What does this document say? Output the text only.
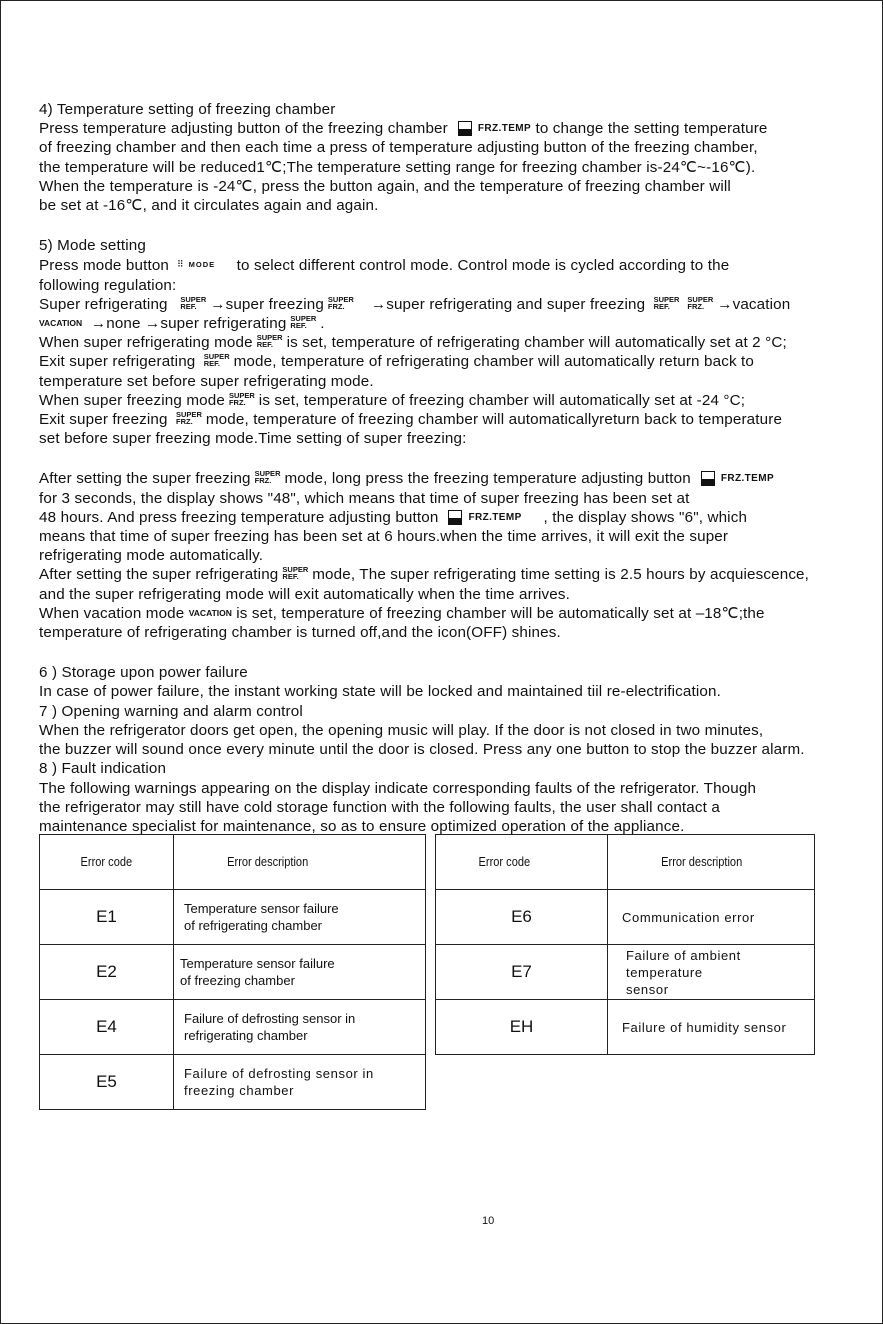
4) Temperature setting of freezing chamber
Press temperature adjusting button of the freezing chamber	FRZ.TEMP to change the setting temperature
of freezing chamber and then each time a press of temperature adjusting button of the freezing chamber,
the temperature will be reduced1℃;The temperature setting range for freezing chamber is-24℃~-16℃).
When the temperature is -24℃, press the button again, and the temperature of freezing chamber will
be set at -16℃, and it circulates again and again.
5) Mode setting
Press mode button ⠿ MODE to select different control mode. Control mode is cycled according to the
following regulation:
Super refrigerating SUPER
REF. →super freezing SUPER
FRZ.	→super refrigerating and super freezing SUPER
REF.
SUPER
FRZ. →vacation
VACATION →none →super refrigerating SUPER
REF. .
When super refrigerating mode SUPER
REF. is set, temperature of refrigerating chamber will automatically set at 2 °C;
Exit super refrigerating SUPER
REF. mode, temperature of refrigerating chamber will automatically return back to
temperature set before super refrigerating mode.
When super freezing mode SUPER
FRZ. is set, temperature of freezing chamber will automatically set at -24 °C;
Exit super freezing SUPER
FRZ. mode, temperature of freezing chamber will automaticallyreturn back to temperature
set before super freezing mode.Time setting of super freezing:
After setting the super freezing SUPER
FRZ. mode, long press the freezing temperature adjusting button	FRZ.TEMP
for 3 seconds, the display shows "48", which means that time of super freezing has been set at
48 hours. And press freezing temperature adjusting button	FRZ.TEMP , the display shows "6", which
means that time of super freezing has been set at 6 hours.when the time arrives, it will exit the super
refrigerating mode automatically.
After setting the super refrigerating SUPER
REF. mode, The super refrigerating time setting is 2.5 hours by acquiescence,
and the super refrigerating mode will exit automatically when the time arrives.
When vacation mode VACATION is set, temperature of freezing chamber will be automatically set at –18℃;the
temperature of refrigerating chamber is turned off,and the icon(OFF) shines.
6 ) Storage upon power failure
In case of power failure, the instant working state will be locked and maintained tiil re-electrification.
7 ) Opening warning and alarm control
When the refrigerator doors get open, the opening music will play. If the door is not closed in two minutes,
the buzzer will sound once every minute until the door is closed. Press any one button to stop the buzzer alarm.
8 ) Fault indication
The following warnings appearing on the display indicate corresponding faults of the refrigerator. Though
the refrigerator may still have cold storage function with the following faults, the user shall contact a
maintenance specialist for maintenance, so as to ensure optimized operation of the appliance.
Error code	Error description
E1	Temperature sensor failure
of refrigerating chamber

E2	Temperature sensor failure
of freezing chamber

E4	Failure of defrosting sensor in
refrigerating chamber

E5	Failure of defrosting sensor in
freezing chamber
Error code	Error description
E6	Communication error

E7	Failure of ambient temperature
sensor

EH	Failure of humidity sensor
10
